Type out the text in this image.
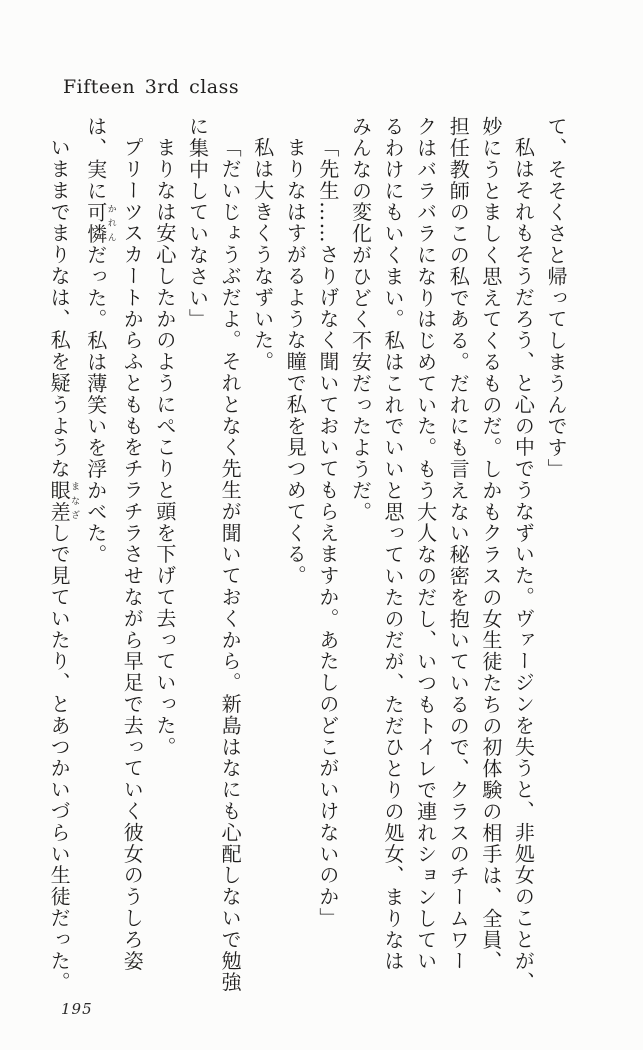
Fifteen 3rd class

て、そそくさと帰ってしまうんです」

私はそれもそうだろう、と心の中でうなずいた。ヴァージンを失うと、非処女のことが、

妙にうとましく思えてくるものだ。しかもクラスの女生徒たちの初体験の相手は、全員、

担任教師のこの私である。だれにも言えない秘密を抱いているので、クラスのチームワー

クはバラバラになりはじめていた。もう大人なのだし、いつもトイレで連れションしてい

るわけにもいくまい。私はこれでいいと思っていたのだが、ただひとりの処女、まりなは

みんなの変化がひどく不安だったようだ。

「先生……さりげなく聞いておいてもらえますか。あたしのどこがいけないのか」

まりなはすがるような瞳で私を見つめてくる。

私は大きくうなずいた。

「だいじょうぶだよ。それとなく先生が聞いておくから。新島はなにも心配しないで勉強

に集中していなさい」

まりなは安心したかのようにぺこりと頭を下げて去っていった。

プリーツスカートからふとももをチラチラさせながら早足で去っていく彼女のうしろ姿

は、実に可憐かれんだった。私は薄笑いを浮かべた。

いままでまりなは、私を疑うような眼差まなざしで見ていたり、とあつかいづらい生徒だった。

195
